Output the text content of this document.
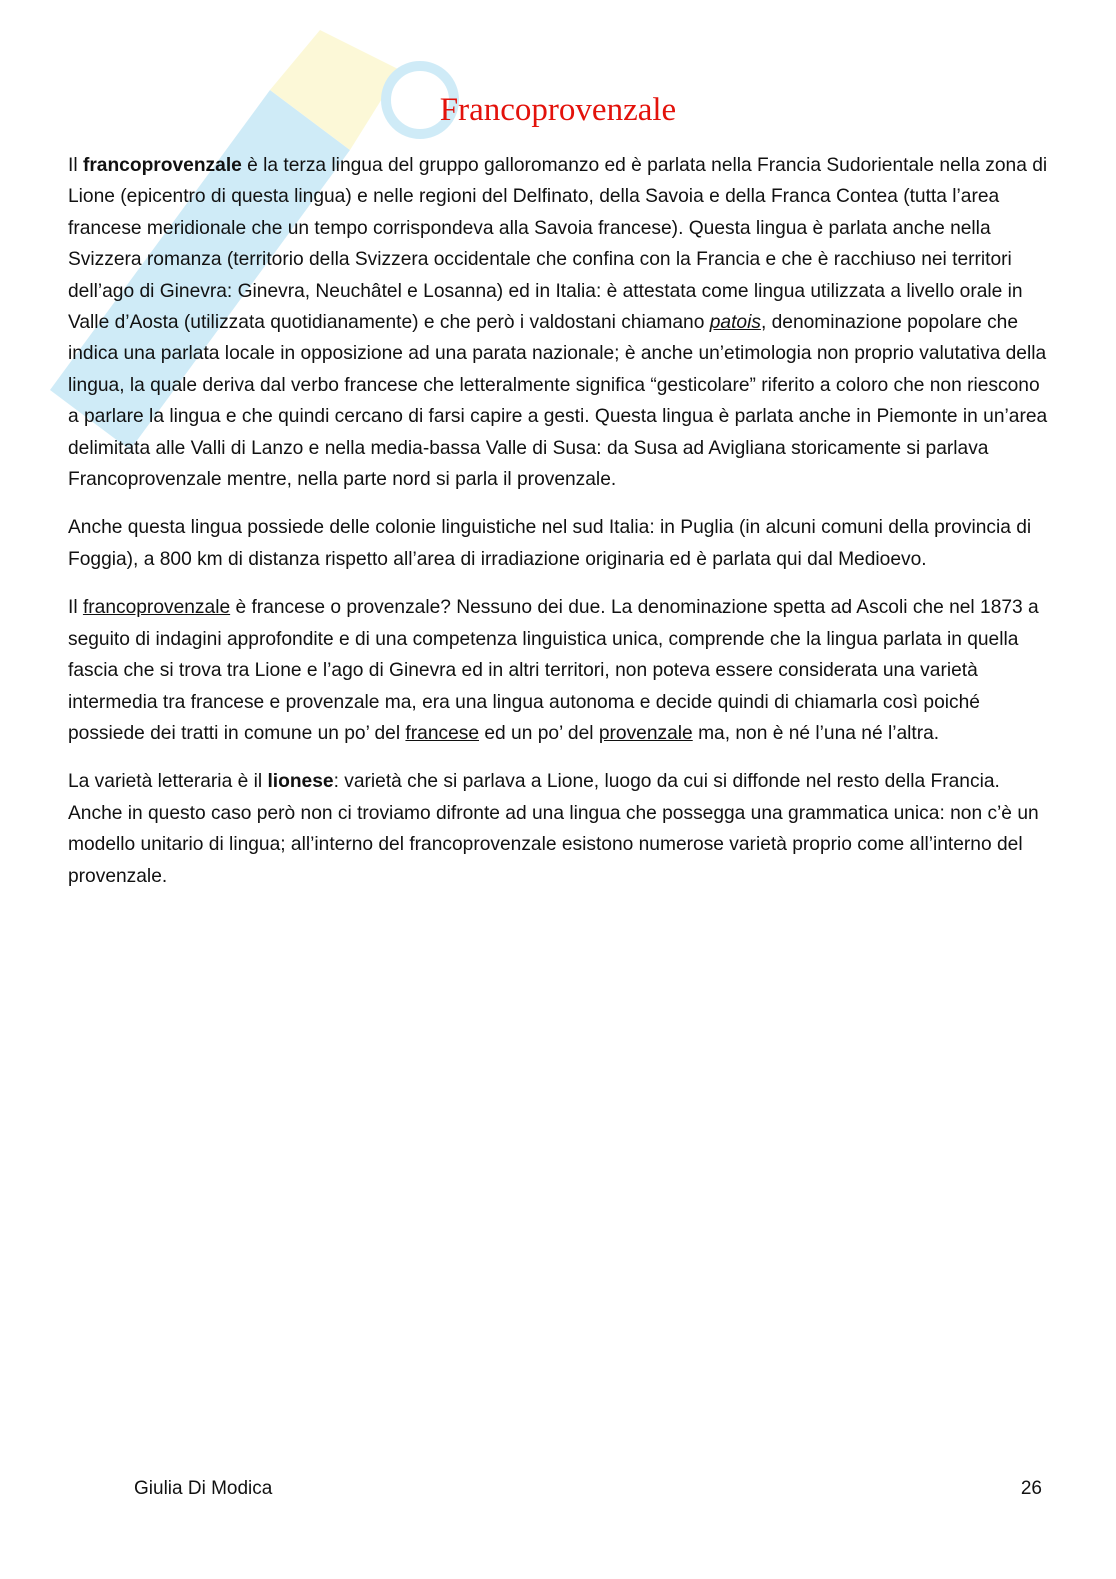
Francoprovenzale

Il francoprovenzale è la terza lingua del gruppo galloromanzo ed è parlata nella Francia Sudorientale nella zona di Lione (epicentro di questa lingua) e nelle regioni del Delfinato, della Savoia e della Franca Contea (tutta l’area francese meridionale che un tempo corrispondeva alla Savoia francese). Questa lingua è parlata anche nella Svizzera romanza (territorio della Svizzera occidentale che confina con la Francia e che è racchiuso nei territori dell’ago di Ginevra: Ginevra, Neuchâtel e Losanna) ed in Italia: è attestata come lingua utilizzata a livello orale in Valle d’Aosta (utilizzata quotidianamente) e che però i valdostani chiamano patois, denominazione popolare che indica una parlata locale in opposizione ad una parata nazionale; è anche un’etimologia non proprio valutativa della lingua, la quale deriva dal verbo francese che letteralmente significa “gesticolare” riferito a coloro che non riescono a parlare la lingua e che quindi cercano di farsi capire a gesti. Questa lingua è parlata anche in Piemonte in un’area delimitata alle Valli di Lanzo e nella media-bassa Valle di Susa: da Susa ad Avigliana storicamente si parlava Francoprovenzale mentre, nella parte nord si parla il provenzale.

Anche questa lingua possiede delle colonie linguistiche nel sud Italia: in Puglia (in alcuni comuni della provincia di Foggia), a 800 km di distanza rispetto all’area di irradiazione originaria ed è parlata qui dal Medioevo.

Il francoprovenzale è francese o provenzale? Nessuno dei due. La denominazione spetta ad Ascoli che nel 1873 a seguito di indagini approfondite e di una competenza linguistica unica, comprende che la lingua parlata in quella fascia che si trova tra Lione e l’ago di Ginevra ed in altri territori, non poteva essere considerata una varietà intermedia tra francese e provenzale ma, era una lingua autonoma e decide quindi di chiamarla così poiché possiede dei tratti in comune un po’ del francese ed un po’ del provenzale ma, non è né l’una né l’altra.

La varietà letteraria è il lionese: varietà che si parlava a Lione, luogo da cui si diffonde nel resto della Francia. Anche in questo caso però non ci troviamo difronte ad una lingua che possegga una grammatica unica: non c’è un modello unitario di lingua; all’interno del francoprovenzale esistono numerose varietà proprio come all’interno del provenzale.

Giulia Di Modica	26
